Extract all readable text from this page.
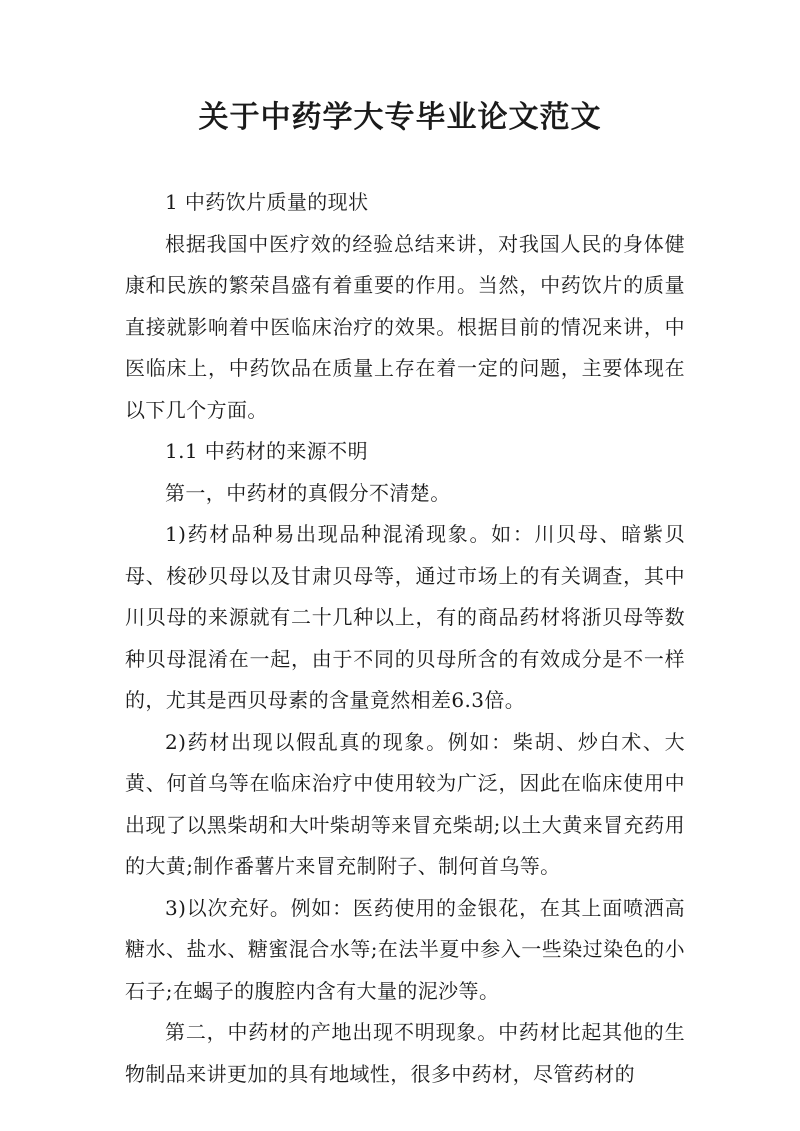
关于中药学大专毕业论文范文

1 中药饮片质量的现状

根据我国中医疗效的经验总结来讲，对我国人民的身体健康和民族的繁荣昌盛有着重要的作用。当然，中药饮片的质量直接就影响着中医临床治疗的效果。根据目前的情况来讲，中医临床上，中药饮品在质量上存在着一定的问题，主要体现在以下几个方面。

1.1 中药材的来源不明

第一，中药材的真假分不清楚。

1)药材品种易出现品种混淆现象。如：川贝母、暗紫贝母、梭砂贝母以及甘肃贝母等，通过市场上的有关调查，其中川贝母的来源就有二十几种以上，有的商品药材将浙贝母等数种贝母混淆在一起，由于不同的贝母所含的有效成分是不一样的，尤其是西贝母素的含量竟然相差6.3倍。

2)药材出现以假乱真的现象。例如：柴胡、炒白术、大黄、何首乌等在临床治疗中使用较为广泛，因此在临床使用中出现了以黑柴胡和大叶柴胡等来冒充柴胡;以土大黄来冒充药用的大黄;制作番薯片来冒充制附子、制何首乌等。

3)以次充好。例如：医药使用的金银花，在其上面喷洒高糖水、盐水、糖蜜混合水等;在法半夏中参入一些染过染色的小石子;在蝎子的腹腔内含有大量的泥沙等。

第二，中药材的产地出现不明现象。中药材比起其他的生物制品来讲更加的具有地域性，很多中药材，尽管药材的
